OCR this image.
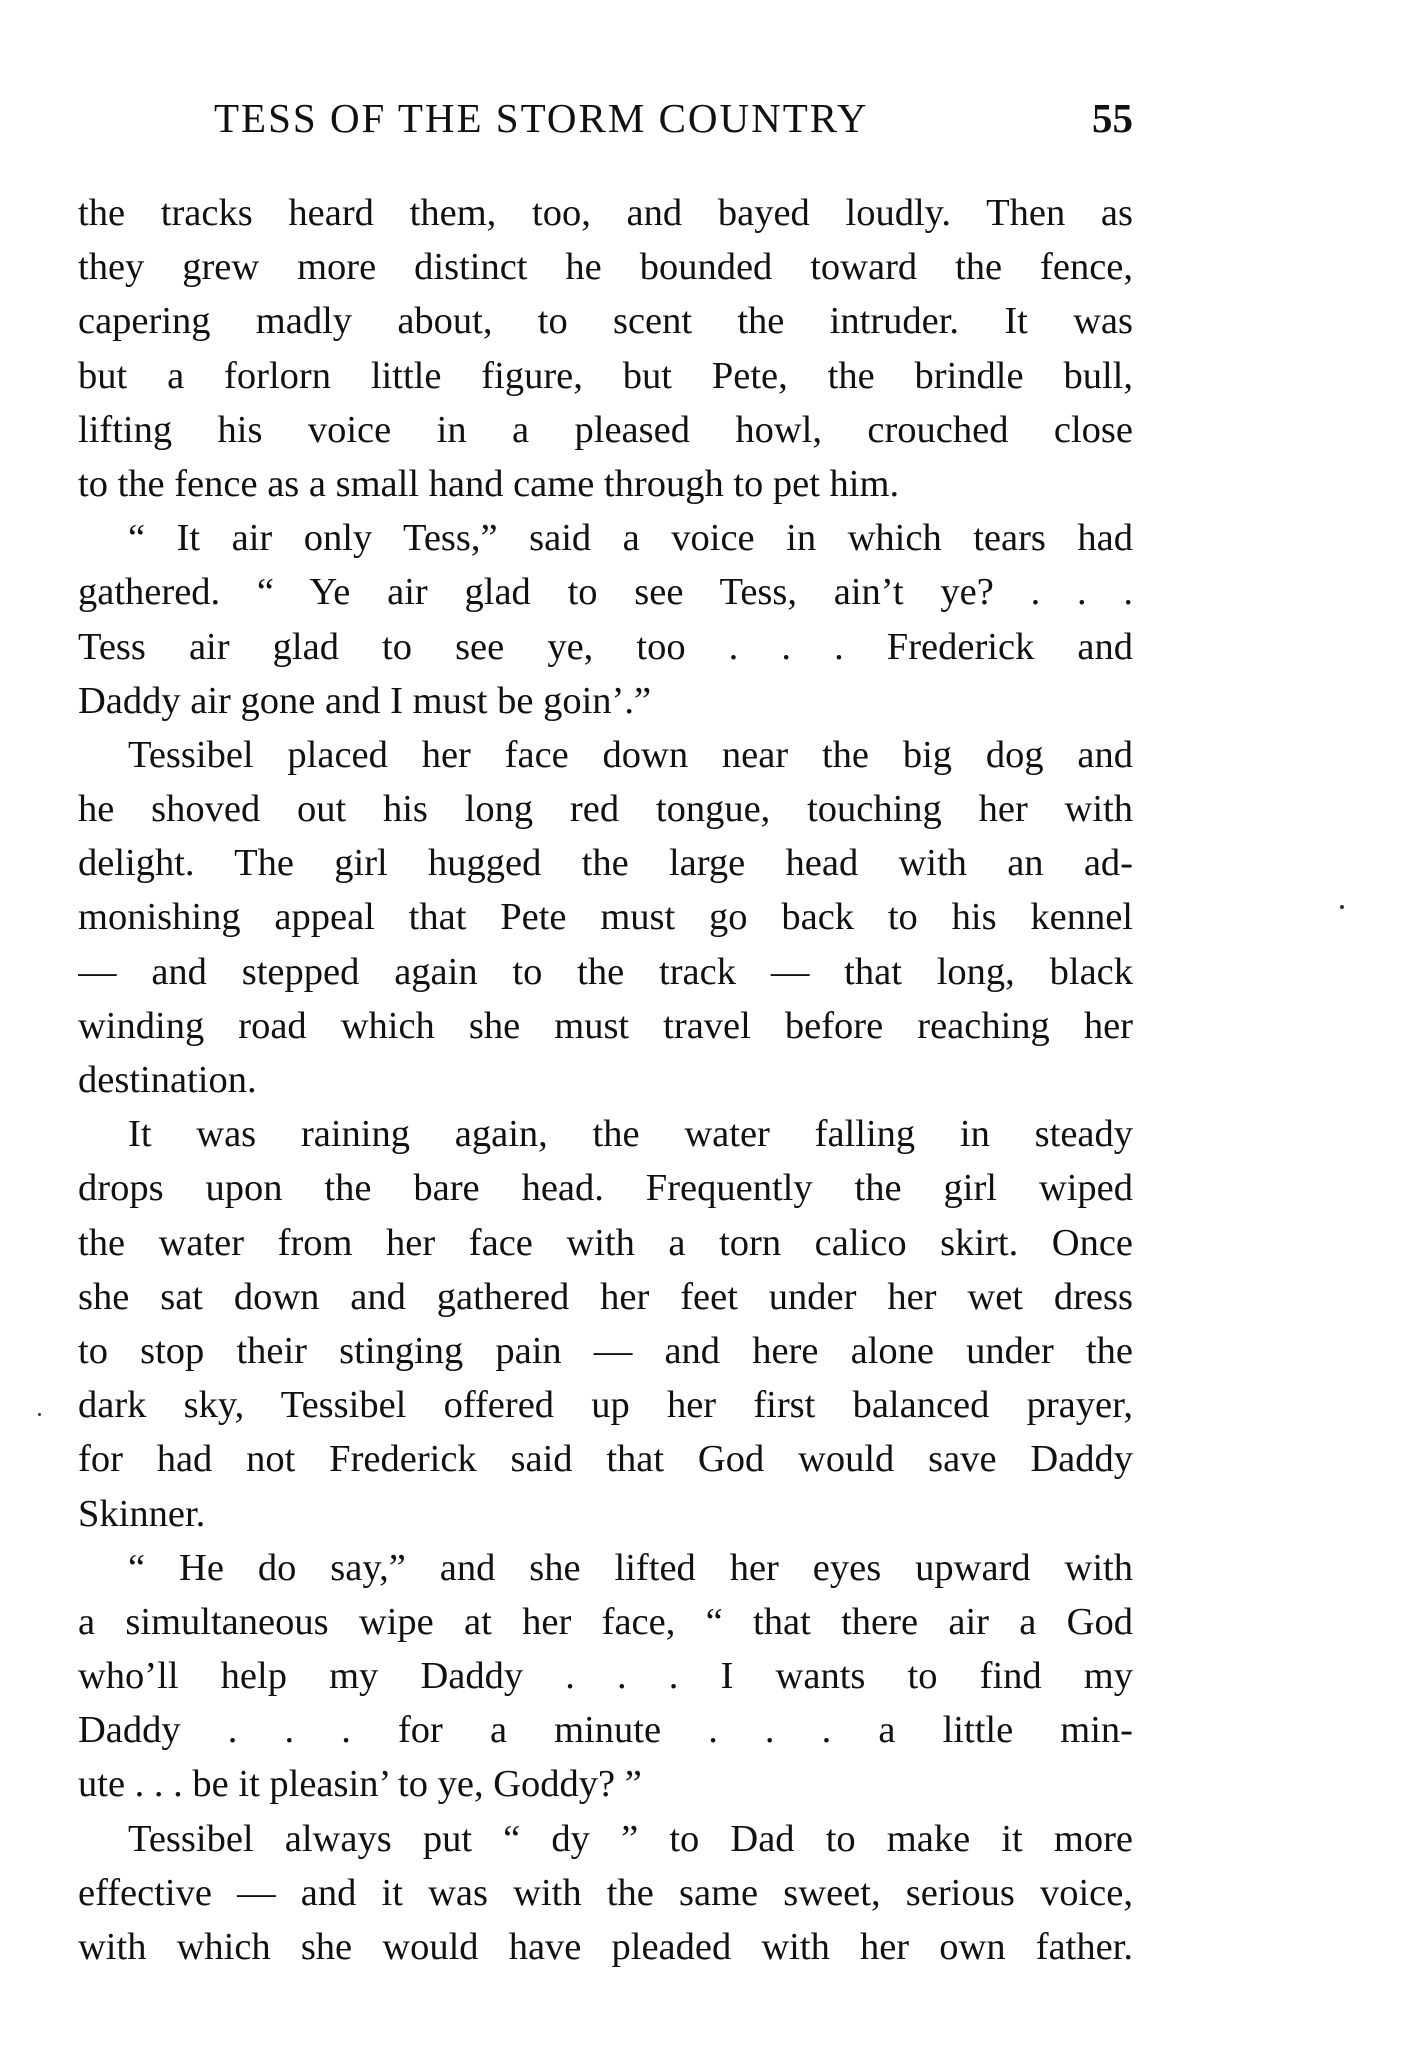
TESS OF THE STORM COUNTRY	55
the tracks heard them, too, and bayed loudly. Then as
they grew more distinct he bounded toward the fence,
capering madly about, to scent the intruder. It was
but a forlorn little figure, but Pete, the brindle bull,
lifting his voice in a pleased howl, crouched close
to the fence as a small hand came through to pet him.
“ It air only Tess,” said a voice in which tears had
gathered. “ Ye air glad to see Tess, ain’t ye? . . .
Tess air glad to see ye, too . . . Frederick and
Daddy air gone and I must be goin’.”
Tessibel placed her face down near the big dog and
he shoved out his long red tongue, touching her with
delight. The girl hugged the large head with an ad-
monishing appeal that Pete must go back to his kennel
— and stepped again to the track — that long, black
winding road which she must travel before reaching her
destination.
It was raining again, the water falling in steady
drops upon the bare head. Frequently the girl wiped
the water from her face with a torn calico skirt. Once
she sat down and gathered her feet under her wet dress
to stop their stinging pain — and here alone under the
dark sky, Tessibel offered up her first balanced prayer,
for had not Frederick said that God would save Daddy
Skinner.
“ He do say,” and she lifted her eyes upward with
a simultaneous wipe at her face, “ that there air a God
who’ll help my Daddy . . . I wants to find my
Daddy . . . for a minute . . . a little min-
ute . . . be it pleasin’ to ye, Goddy? ”
Tessibel always put “ dy ” to Dad to make it more
effective — and it was with the same sweet, serious voice,
with which she would have pleaded with her own father.
